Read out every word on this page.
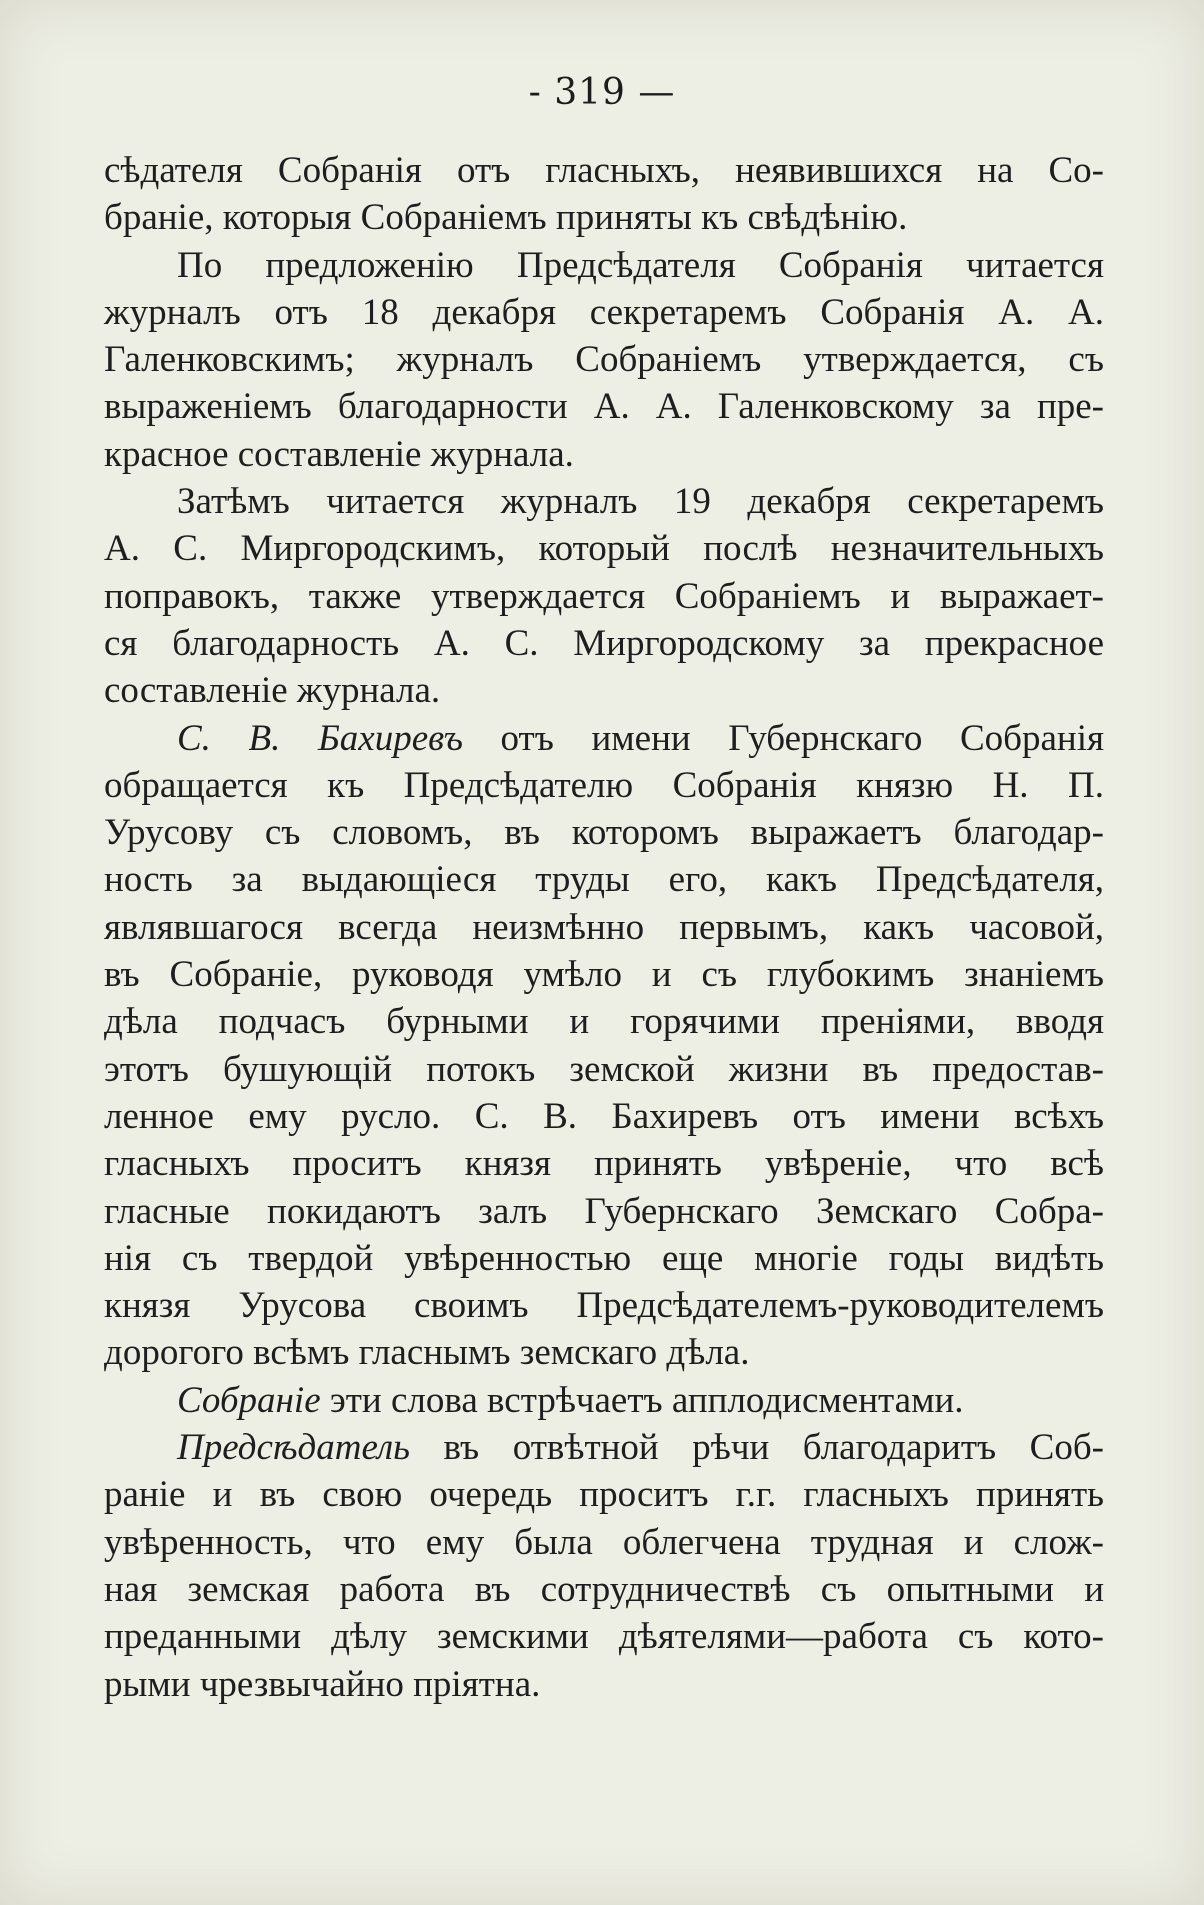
- 319 —
сѣдателя Собранія отъ гласныхъ, неявившихся на Со-
браніе, которыя Собраніемъ приняты къ свѣдѣнію.
По предложенію Предсѣдателя Собранія читается
журналъ отъ 18 декабря секретаремъ Собранія А. А.
Галенковскимъ; журналъ Собраніемъ утверждается, съ
выраженіемъ благодарности А. А. Галенковскому за пре-
красное составленіе журнала.
Затѣмъ читается журналъ 19 декабря секретаремъ
А. С. Миргородскимъ, который послѣ незначительныхъ
поправокъ, также утверждается Собраніемъ и выражает-
ся благодарность А. С. Миргородскому за прекрасное
составленіе журнала.
С. В. Бахиревъ отъ имени Губернскаго Собранія
обращается къ Предсѣдателю Собранія князю Н. П.
Урусову съ словомъ, въ которомъ выражаетъ благодар-
ность за выдающіеся труды его, какъ Предсѣдателя,
являвшагося всегда неизмѣнно первымъ, какъ часовой,
въ Собраніе, руководя умѣло и съ глубокимъ знаніемъ
дѣла подчасъ бурными и горячими преніями, вводя
этотъ бушующій потокъ земской жизни въ предостав-
ленное ему русло. С. В. Бахиревъ отъ имени всѣхъ
гласныхъ проситъ князя принять увѣреніе, что всѣ
гласные покидаютъ залъ Губернскаго Земскаго Собра-
нія съ твердой увѣренностью еще многіе годы видѣть
князя Урусова своимъ Предсѣдателемъ-руководителемъ
дорогого всѣмъ гласнымъ земскаго дѣла.
Собраніе эти слова встрѣчаетъ апплодисментами.
Предсѣдатель въ отвѣтной рѣчи благодаритъ Соб-
раніе и въ свою очередь проситъ г.г. гласныхъ принять
увѣренность, что ему была облегчена трудная и слож-
ная земская работа въ сотрудничествѣ съ опытными и
преданными дѣлу земскими дѣятелями—работа съ кото-
рыми чрезвычайно пріятна.
